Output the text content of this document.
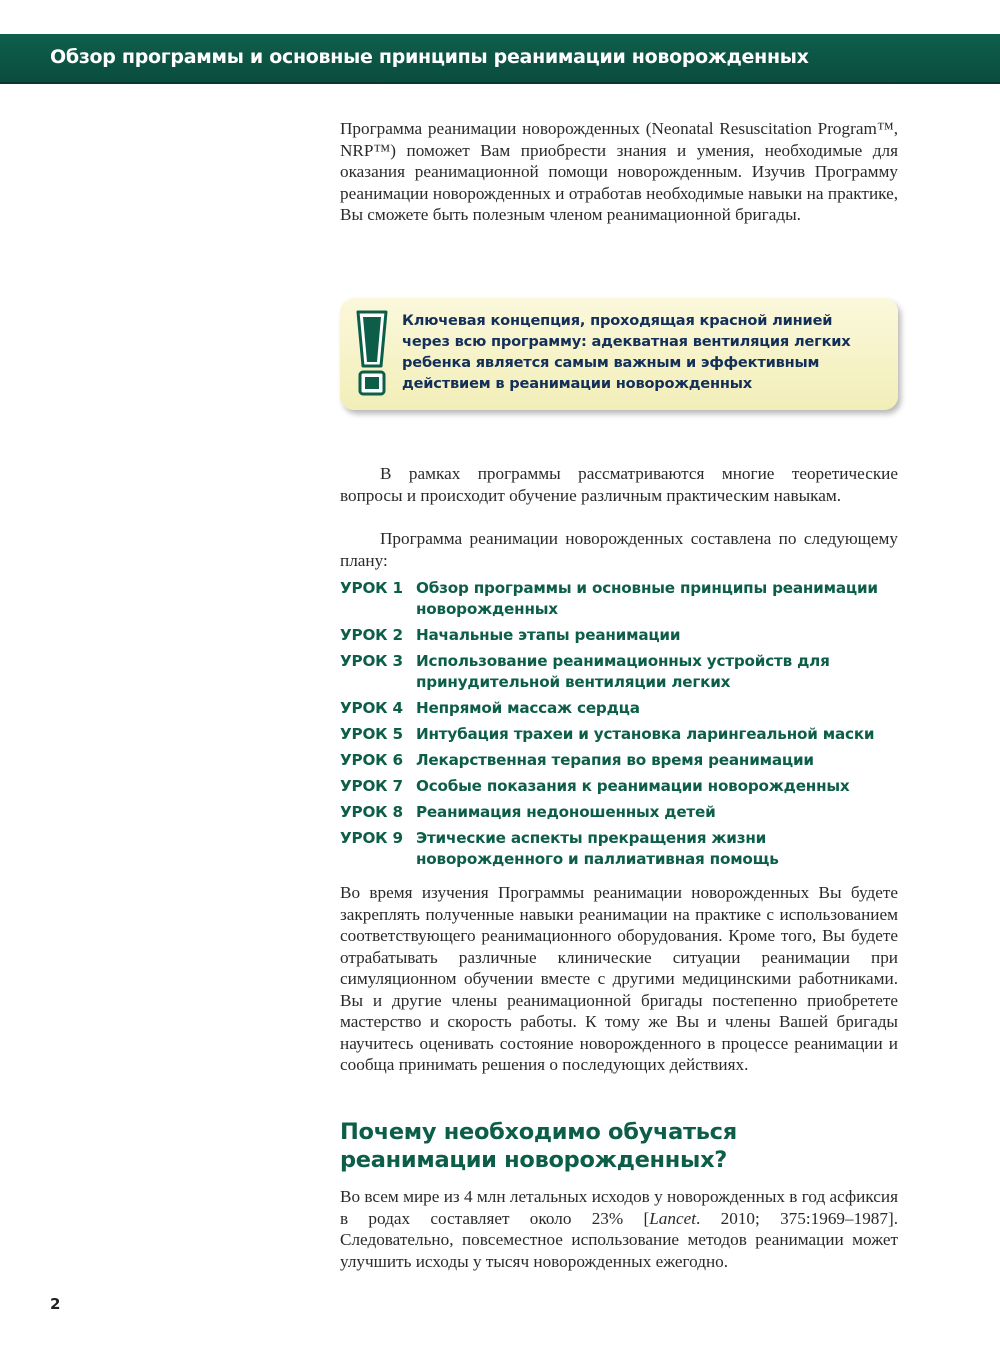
Обзор программы и основные принципы реанимации новорожденных

Программа реанимации новорожденных (Neonatal Resuscitation Program™, NRP™) поможет Вам приобрести знания и умения, необходимые для оказания реанимационной помощи новорожденным. Изучив Программу реанимации новорожденных и отработав необходимые навыки на практике, Вы сможете быть полезным членом реанимационной бригады.

Ключевая концепция, проходящая красной линией
через всю программу: адекватная вентиляция легких
ребенка является самым важным и эффективным
действием в реанимации новорожденных

В рамках программы рассматриваются многие теоретические вопросы и происходит обучение различным практическим навыкам.

Программа реанимации новорожденных составлена по следующему плану:

УРОК 1 Обзор программы и основные принципы реанимации новорожденных
УРОК 2 Начальные этапы реанимации
УРОК 3 Использование реанимационных устройств для принудительной вентиляции легких
УРОК 4 Непрямой массаж сердца
УРОК 5 Интубация трахеи и установка ларингеальной маски
УРОК 6 Лекарственная терапия во время реанимации
УРОК 7 Особые показания к реанимации новорожденных
УРОК 8 Реанимация недоношенных детей
УРОК 9 Этические аспекты прекращения жизни новорожденного и паллиативная помощь

Во время изучения Программы реанимации новорожденных Вы будете закреплять полученные навыки реанимации на практике с использованием соответствующего реанимационного оборудования. Кроме того, Вы будете отрабатывать различные клинические ситуации реанимации при симуляционном обучении вместе с другими медицинскими работниками. Вы и другие члены реанимационной бригады постепенно приобретете мастерство и скорость работы. К тому же Вы и члены Вашей бригады научитесь оценивать состояние новорожденного в процессе реанимации и сообща принимать решения о последующих действиях.

Почему необходимо обучаться
реанимации новорожденных?

Во всем мире из 4 млн летальных исходов у новорожденных в год асфиксия в родах составляет около 23% [Lancet. 2010; 375:1969–1987]. Следовательно, повсеместное использование методов реанимации может улучшить исходы у тысяч новорожденных ежегодно.

2
